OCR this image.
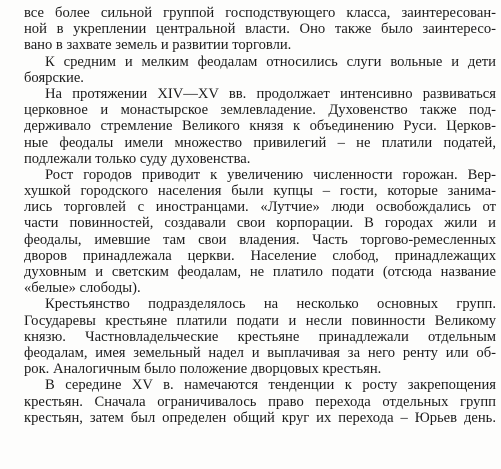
все более сильной группой господствующего класса, заинтересован-
ной в укреплении центральной власти. Оно также было заинтересо-
вано в захвате земель и развитии торговли.
К средним и мелким феодалам относились слуги вольные и дети
боярские.
На протяжении XIV—XV вв. продолжает интенсивно развиваться
церковное и монастырское землевладение. Духовенство также под-
держивало стремление Великого князя к объединению Руси. Церков-
ные феодалы имели множество привилегий – не платили податей,
подлежали только суду духовенства.
Рост городов приводит к увеличению численности горожан. Вер-
хушкой городского населения были купцы – гости, которые занима-
лись торговлей с иностранцами. «Лутчие» люди освобождались от
части повинностей, создавали свои корпорации. В городах жили и
феодалы, имевшие там свои владения. Часть торгово-ремесленных
дворов принадлежала церкви. Население слобод, принадлежащих
духовным и светским феодалам, не платило подати (отсюда название
«белые» слободы).
Крестьянство подразделялось на несколько основных групп.
Государевы крестьяне платили подати и несли повинности Великому
князю. Частновладельческие крестьяне принадлежали отдельным
феодалам, имея земельный надел и выплачивая за него ренту или об-
рок. Аналогичным было положение дворцовых крестьян.
В середине XV в. намечаются тенденции к росту закрепощения
крестьян. Сначала ограничивалось право перехода отдельных групп
крестьян, затем был определен общий круг их перехода – Юрьев день.
